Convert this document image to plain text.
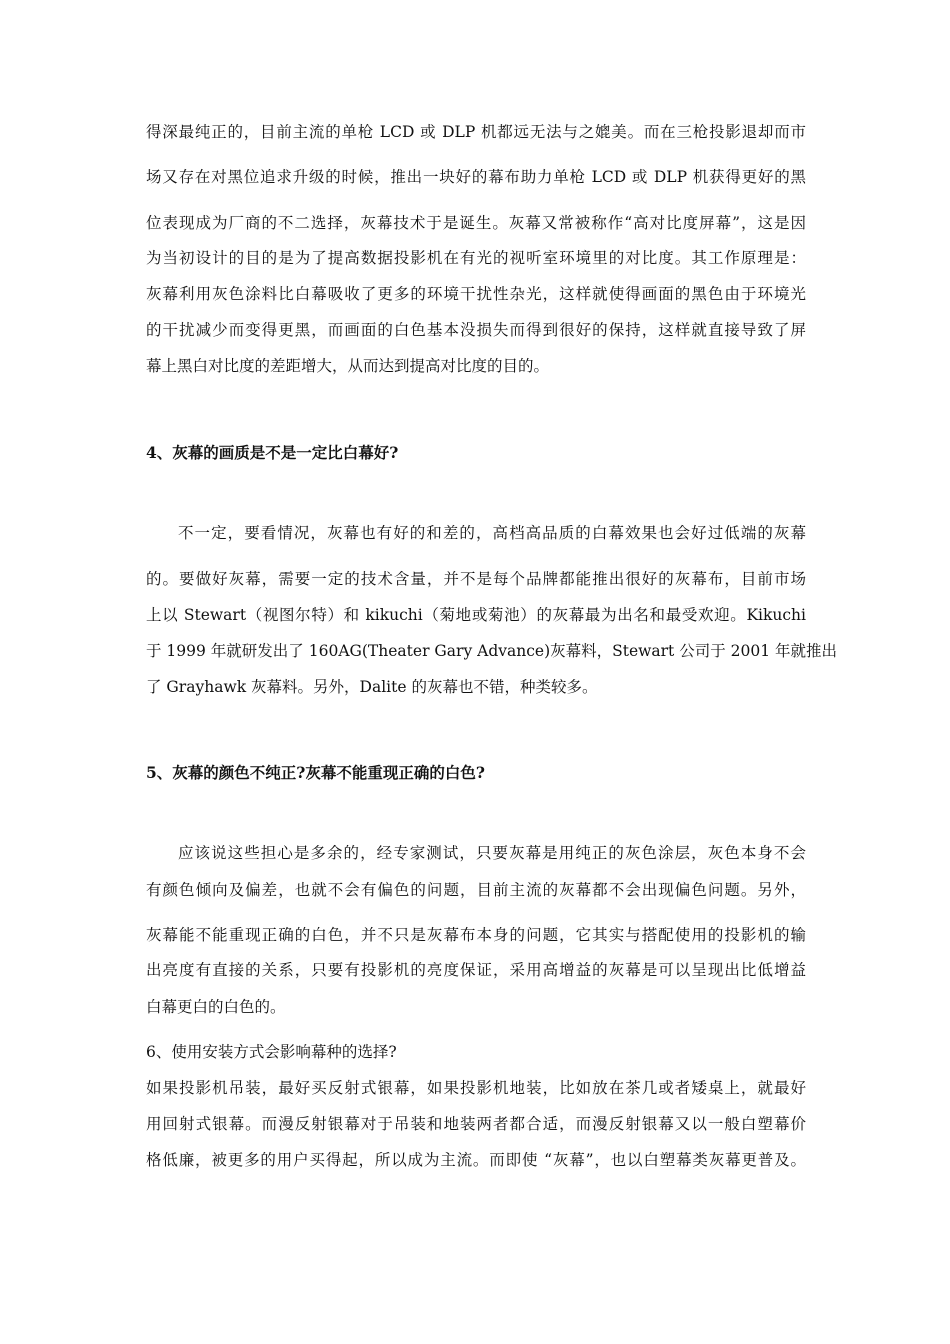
得深最纯正的，目前主流的单枪 LCD 或 DLP 机都远无法与之媲美。而在三枪投影退却而市

场又存在对黑位追求升级的时候，推出一块好的幕布助力单枪 LCD 或 DLP 机获得更好的黑

位表现成为厂商的不二选择，灰幕技术于是诞生。灰幕又常被称作“高对比度屏幕”，这是因

为当初设计的目的是为了提高数据投影机在有光的视听室环境里的对比度。其工作原理是：

灰幕利用灰色涂料比白幕吸收了更多的环境干扰性杂光，这样就使得画面的黑色由于环境光

的干扰减少而变得更黑，而画面的白色基本没损失而得到很好的保持，这样就直接导致了屏

幕上黑白对比度的差距增大，从而达到提高对比度的目的。

4、灰幕的画质是不是一定比白幕好?

不一定，要看情况，灰幕也有好的和差的，高档高品质的白幕效果也会好过低端的灰幕

的。要做好灰幕，需要一定的技术含量，并不是每个品牌都能推出很好的灰幕布，目前市场

上以 Stewart（视图尔特）和 kikuchi（菊地或菊池）的灰幕最为出名和最受欢迎。Kikuchi

于 1999 年就研发出了 160AG(Theater Gary Advance)灰幕料，Stewart 公司于 2001 年就推出

了 Grayhawk 灰幕料。另外，Dalite 的灰幕也不错，种类较多。

5、灰幕的颜色不纯正?灰幕不能重现正确的白色?

应该说这些担心是多余的，经专家测试，只要灰幕是用纯正的灰色涂层，灰色本身不会

有颜色倾向及偏差，也就不会有偏色的问题，目前主流的灰幕都不会出现偏色问题。另外，

灰幕能不能重现正确的白色，并不只是灰幕布本身的问题，它其实与搭配使用的投影机的输

出亮度有直接的关系，只要有投影机的亮度保证，采用高增益的灰幕是可以呈现出比低增益

白幕更白的白色的。

6、使用安装方式会影响幕种的选择?

如果投影机吊装，最好买反射式银幕，如果投影机地装，比如放在茶几或者矮桌上，就最好

用回射式银幕。而漫反射银幕对于吊装和地装两者都合适，而漫反射银幕又以一般白塑幕价

格低廉，被更多的用户买得起，所以成为主流。而即使 “灰幕”，也以白塑幕类灰幕更普及。
